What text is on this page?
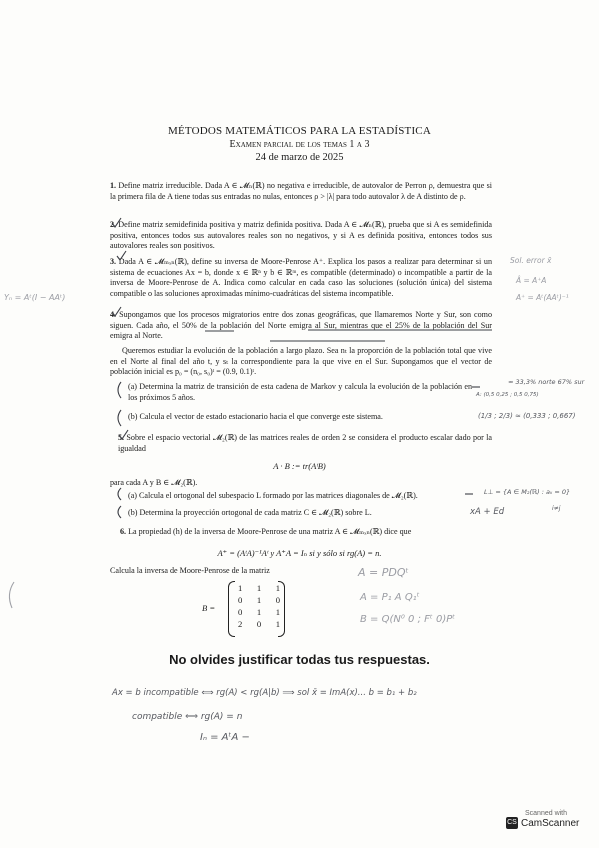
MÉTODOS MATEMÁTICOS PARA LA ESTADÍSTICA
Examen parcial de los temas 1 a 3
24 de marzo de 2025
1. Define matriz irreducible. Dada A ∈ 𝓜ₙ(ℝ) no negativa e irreducible, de autovalor de Perron ρ, demuestra que si la primera fila de A tiene todas sus entradas no nulas, entonces ρ > |λ| para todo autovalor λ de A distinto de ρ.
2. Define matriz semidefinida positiva y matriz definida positiva. Dada A ∈ 𝓜ₙ(ℝ), prueba que si A es semidefinida positiva, entonces todos sus autovalores reales son no negativos, y si A es definida positiva, entonces todos sus autovalores reales son positivos.
3. Dada A ∈ 𝓜ₘₓₙ(ℝ), define su inversa de Moore-Penrose A⁺. Explica los pasos a realizar para determinar si un sistema de ecuaciones Ax = b, donde x ∈ ℝⁿ y b ∈ ℝᵐ, es compatible (determinado) o incompatible a partir de la inversa de Moore-Penrose de A. Indica como calcular en cada caso las soluciones (solución única) del sistema compatible o las soluciones aproximadas mínimo-cuadráticas del sistema incompatible.
4. Supongamos que los procesos migratorios entre dos zonas geográficas, que llamaremos Norte y Sur, son como siguen. Cada año, el 50% de la población del Norte emigra al Sur, mientras que el 25% de la población del Sur emigra al Norte.
Queremos estudiar la evolución de la población a largo plazo. Sea nₜ la proporción de la población total que vive en el Norte al final del año t, y sₜ la correspondiente para la que vive en el Sur. Supongamos que el vector de población inicial es p₀ = (n₀, s₀)ᵗ = (0.9, 0.1)ᵗ.
(a) Determina la matriz de transición de esta cadena de Markov y calcula la evolución de la población en los próximos 5 años.
(b) Calcula el vector de estado estacionario hacia el que converge este sistema.
5. Sobre el espacio vectorial 𝓜₂(ℝ) de las matrices reales de orden 2 se considera el producto escalar dado por la igualdad
A · B := tr(AᵗB)
para cada A y B ∈ 𝓜₂(ℝ).
(a) Calcula el ortogonal del subespacio L formado por las matrices diagonales de 𝓜₂(ℝ).
(b) Determina la proyección ortogonal de cada matriz C ∈ 𝓜₂(ℝ) sobre L.
6. La propiedad (h) de la inversa de Moore-Penrose de una matriz A ∈ 𝓜ₘₓₙ(ℝ) dice que
A⁺ = (AᵗA)⁻¹Aᵗ y A⁺A = Iₙ si y sólo si rg(A) = n.
Calcula la inversa de Moore-Penrose de la matriz
B =
1 1 1
0 1 0
0 1 1
2 0 1
No olvides justificar todas tus respuestas.
Yₙ = Aᵗ(I − AAᵗ)
Sol. error x̄
Â = A⁺A
A⁺ = Aᵗ(AAᵗ)⁻¹
≈ 33,3% norte 67% sur
A: (0,5 0,25 ; 0,5 0,75)
(1/3 ; 2/3) ≈ (0,333 ; 0,667)
L⊥ = {A ∈ M₂(ℝ) : aᵢᵢ = 0}
xA + Ed	i≠j
A = PDQᵗ
A = P₁ A Q₁ᵗ
B = Q(N⁰ 0 ; Fᵗ 0)Pᵗ
Ax = b incompatible ⟺ rg(A) < rg(A|b) ⟹ sol x̄ = ImA(x)... b = b₁ + b₂
compatible ⟺ rg(A) = n
Iₙ = AᵗA −
Scanned with
CS CamScanner
